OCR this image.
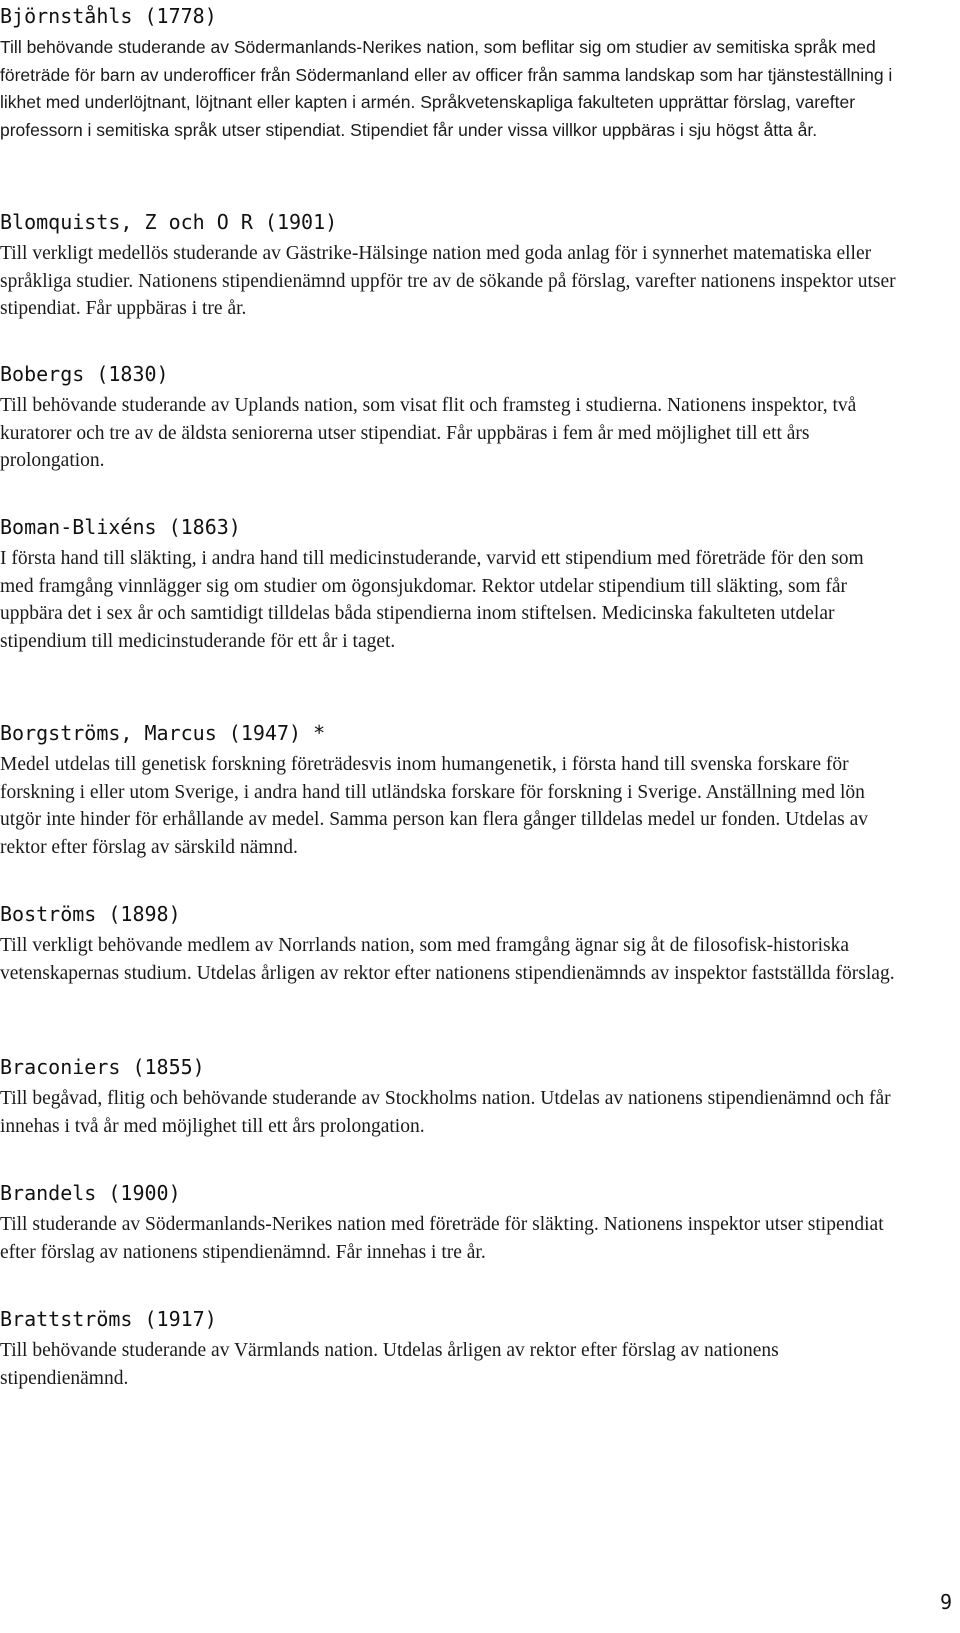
Björnståhls (1778)

Till behövande studerande av Södermanlands-Nerikes nation, som beflitar sig om studier av semitiska språk med företräde för barn av underofficer från Södermanland eller av officer från samma landskap som har tjänsteställning i likhet med underlöjtnant, löjtnant eller kapten i armén. Språkvetenskapliga fakulteten upprättar förslag, varefter professorn i semitiska språk utser stipendiat. Stipendiet får under vissa villkor uppbäras i sju högst åtta år.

Blomquists, Z och O R (1901)

Till verkligt medellös studerande av Gästrike-Hälsinge nation med goda anlag för i synnerhet matematiska eller språkliga studier. Nationens stipendienämnd uppför tre av de sökande på förslag, varefter nationens inspektor utser stipendiat. Får uppbäras i tre år.

Bobergs (1830)

Till behövande studerande av Uplands nation, som visat flit och framsteg i studierna. Nationens inspektor, två kuratorer och tre av de äldsta seniorerna utser stipendiat. Får uppbäras i fem år med möjlighet till ett års prolongation.

Boman-Blixéns (1863)

I första hand till släkting, i andra hand till medicinstuderande, varvid ett stipendium med företräde för den som med framgång vinnlägger sig om studier om ögonsjukdomar. Rektor utdelar stipendium till släkting, som får uppbära det i sex år och samtidigt tilldelas båda stipendierna inom stiftelsen. Medicinska fakulteten utdelar stipendium till medicinstuderande för ett år i taget.

Borgströms, Marcus (1947) *

Medel utdelas till genetisk forskning företrädesvis inom humangenetik, i första hand till svenska forskare för forskning i eller utom Sverige, i andra hand till utländska forskare för forskning i Sverige. Anställning med lön utgör inte hinder för erhållande av medel. Samma person kan flera gånger tilldelas medel ur fonden. Utdelas av rektor efter förslag av särskild nämnd.

Boströms (1898)

Till verkligt behövande medlem av Norrlands nation, som med framgång ägnar sig åt de filosofisk-historiska vetenskapernas studium. Utdelas årligen av rektor efter nationens stipendienämnds av inspektor fastställda förslag.

Braconiers (1855)

Till begåvad, flitig och behövande studerande av Stockholms nation. Utdelas av nationens stipendienämnd och får innehas i två år med möjlighet till ett års prolongation.

Brandels (1900)

Till studerande av Södermanlands-Nerikes nation med företräde för släkting. Nationens inspektor utser stipendiat efter förslag av nationens stipendienämnd. Får innehas i tre år.

Brattströms (1917)

Till behövande studerande av Värmlands nation. Utdelas årligen av rektor efter förslag av nationens stipendienämnd.

9
